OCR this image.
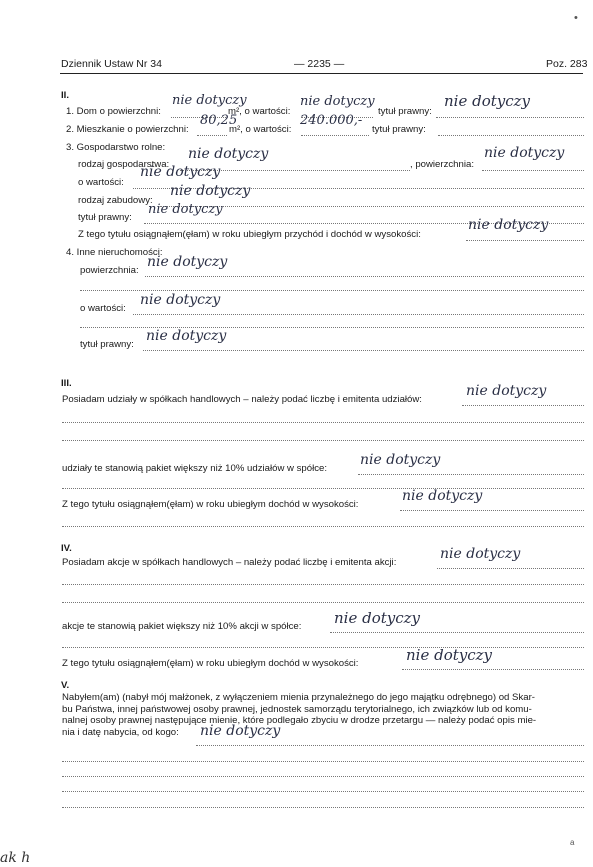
Dziennik Ustaw Nr 34	— 2235 —	Poz. 283
•
II.
1. Dom o powierzchni:
nie dotyczy
m², o wartości:
nie dotyczy
tytuł prawny:
nie dotyczy
2. Mieszkanie o powierzchni:
80,25
m², o wartości:
240.000,-
tytuł prawny:
3. Gospodarstwo rolne:
rodzaj gospodarstwa:
nie dotyczy
, powierzchnia:
nie dotyczy
o wartości:
nie dotyczy
rodzaj zabudowy:
nie dotyczy
tytuł prawny:
nie dotyczy
Z tego tytułu osiągnąłem(ęłam) w roku ubiegłym przychód i dochód w wysokości:
nie dotyczy
4. Inne nieruchomości:
powierzchnia:
nie dotyczy
o wartości:
nie dotyczy
tytuł prawny:
nie dotyczy
III.
Posiadam udziały w spółkach handlowych – należy podać liczbę i emitenta udziałów:
nie dotyczy
udziały te stanowią pakiet większy niż 10% udziałów w spółce:
nie dotyczy
Z tego tytułu osiągnąłem(ęłam) w roku ubiegłym dochód w wysokości:
nie dotyczy
IV.
Posiadam akcje w spółkach handlowych – należy podać liczbę i emitenta akcji:
nie dotyczy
akcje te stanowią pakiet większy niż 10% akcji w spółce: nie dotyczy
Z tego tytułu osiągnąłem(ęłam) w roku ubiegłym dochód w wysokości:	nie dotyczy
V.
Nabyłem(am) (nabył mój małżonek, z wyłączeniem mienia przynależnego do jego majątku odrębnego) od Skar-
bu Państwa, innej państwowej osoby prawnej, jednostek samorządu terytorialnego, ich związków lub od komu-
nalnej osoby prawnej następujące mienie, które podlegało zbyciu w drodze przetargu — należy podać opis mie-
nia i datę nabycia, od kogo:	nie dotyczy
a
ak h
